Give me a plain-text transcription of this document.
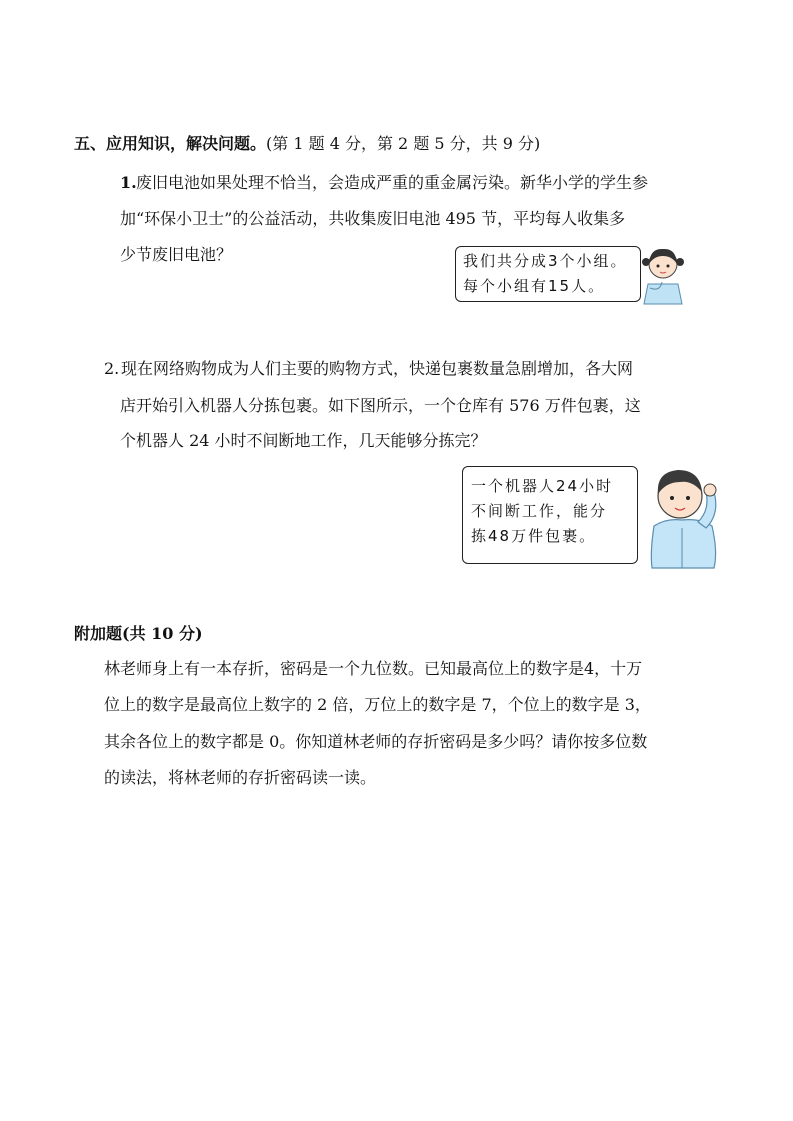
五、应用知识，解决问题。(第 1 题 4 分，第 2 题 5 分，共 9 分)
1. 废旧电池如果处理不恰当，会造成严重的重金属污染。新华小学的学生参
加“环保小卫士”的公益活动，共收集废旧电池 495 节，平均每人收集多
少节废旧电池？	我们共分成3个小组。
每个小组有15人。
2. 现在网络购物成为人们主要的购物方式，快递包裹数量急剧增加，各大网
店开始引入机器人分拣包裹。如下图所示，一个仓库有 576 万件包裹，这
个机器人 24 小时不间断地工作，几天能够分拣完？
一个机器人24小时
不间断工作，能分
拣48万件包裹。
附加题(共 10 分)
林老师身上有一本存折，密码是一个九位数。已知最高位上的数字是4，十万
位上的数字是最高位上数字的 2 倍，万位上的数字是 7，个位上的数字是 3，
其余各位上的数字都是 0。你知道林老师的存折密码是多少吗？请你按多位数
的读法，将林老师的存折密码读一读。
